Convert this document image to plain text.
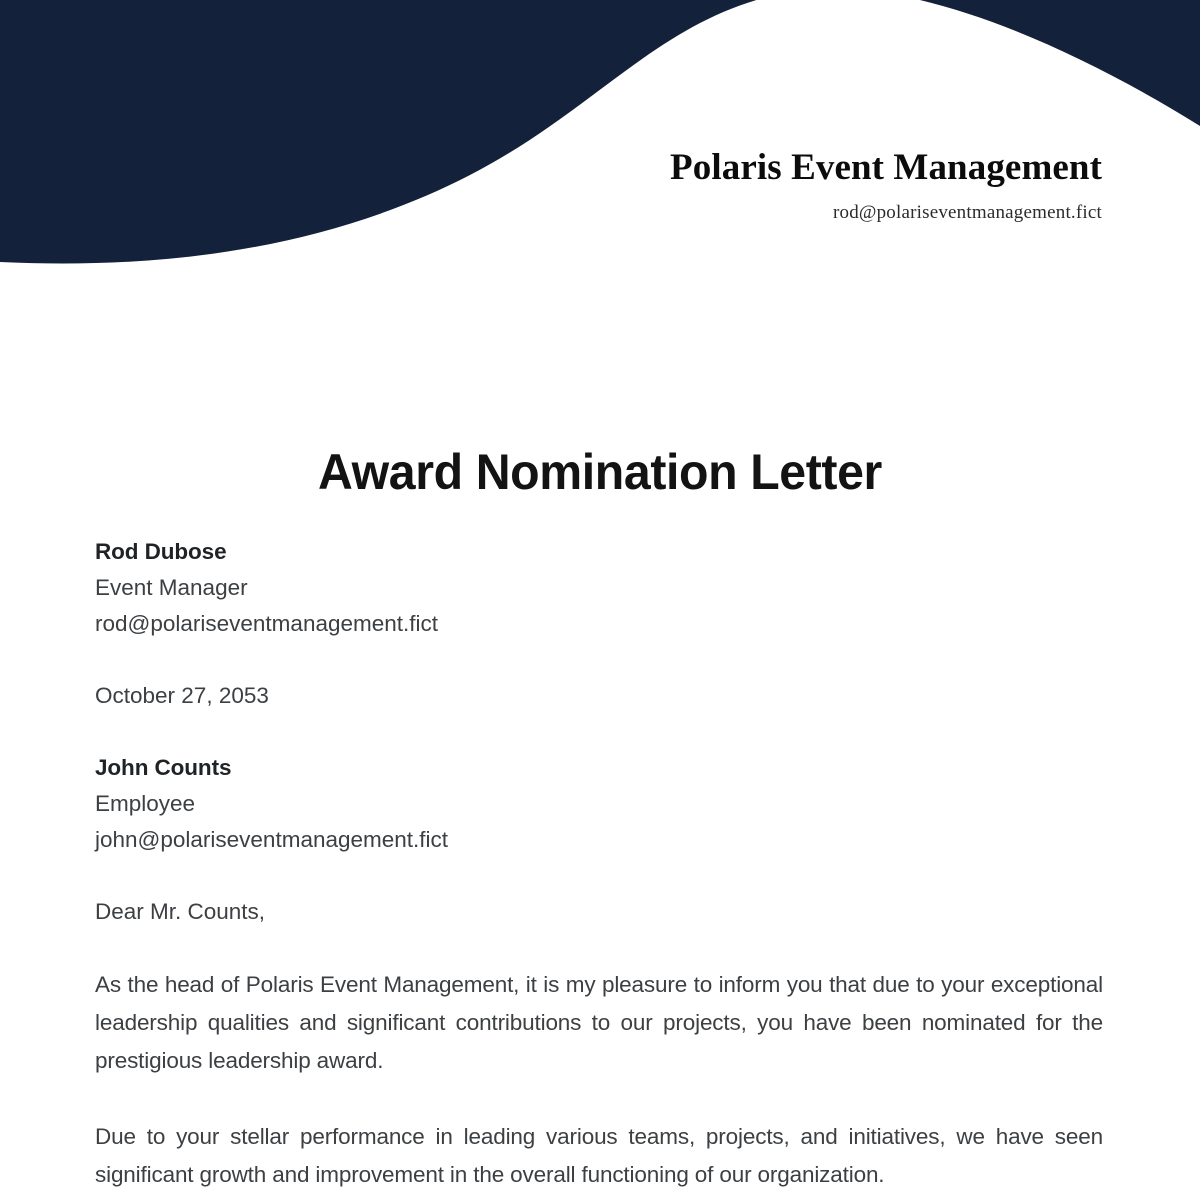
Polaris Event Management
rod@polariseventmanagement.fict
Award Nomination Letter
Rod Dubose
Event Manager
rod@polariseventmanagement.fict
October 27, 2053
John Counts
Employee
john@polariseventmanagement.fict
Dear Mr. Counts,

As the head of Polaris Event Management, it is my pleasure to inform you that due to your exceptional leadership qualities and significant contributions to our projects, you have been nominated for the prestigious leadership award.

Due to your stellar performance in leading various teams, projects, and initiatives, we have seen significant growth and improvement in the overall functioning of our organization.
